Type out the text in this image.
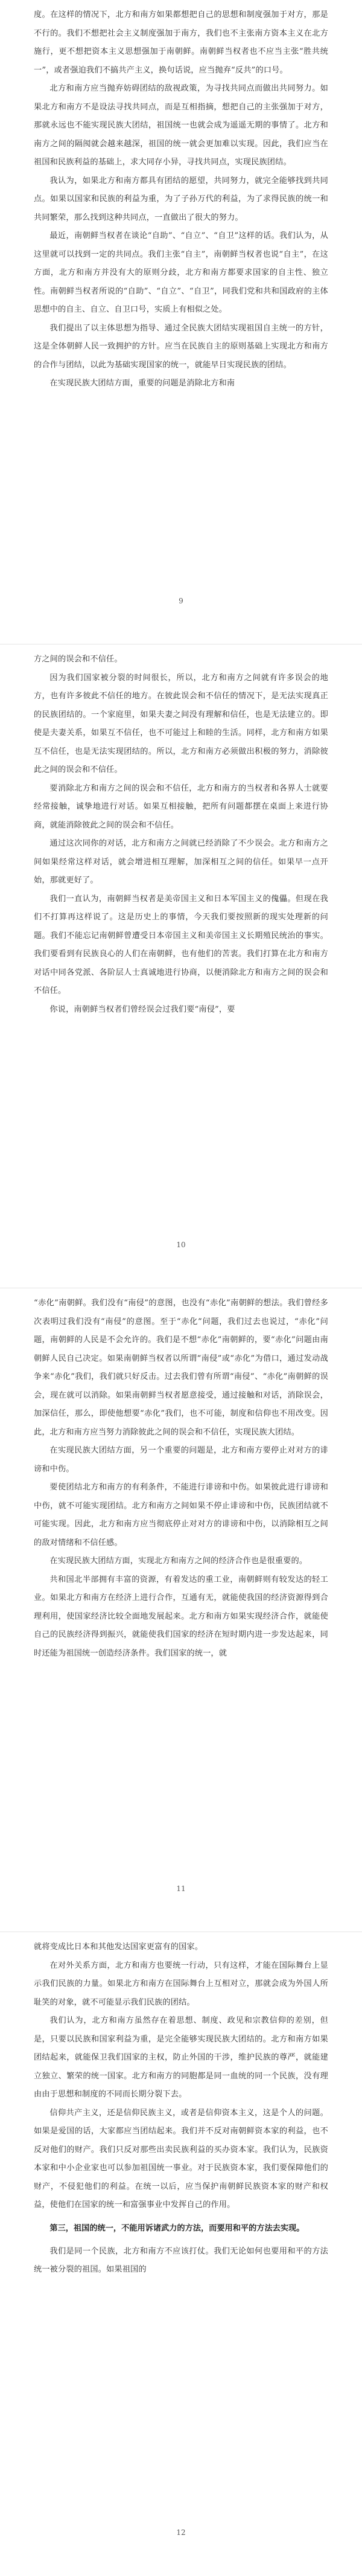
度。在这样的情况下，北方和南方如果都想把自己的思想和制度强加于对方，那是不行的。我们不想把社会主义制度强加于南方，我们也不主张南方资本主义在北方施行，更不想把资本主义思想强加于南朝鲜。南朝鲜当权者也不应当主张“胜共统一”，或者强迫我们不搞共产主义，换句话说，应当抛弃“反共”的口号。

北方和南方应当抛弃妨碍团结的敌视政策，为寻找共同点而做出共同努力。如果北方和南方不是设法寻找共同点，而是互相指摘，想把自己的主张强加于对方，那就永远也不能实现民族大团结，祖国统一也就会成为遥遥无期的事情了。北方和南方之间的隔阂就会越来越深，祖国的统一就会更加难以实现。因此，我们应当在祖国和民族利益的基础上，求大同存小异，寻找共同点，实现民族团结。

我认为，如果北方和南方都具有团结的愿望，共同努力，就完全能够找到共同点。如果以国家和民族的利益为重，为了子孙万代的利益，为了求得民族的统一和共同繁荣，那么找到这种共同点，一直做出了很大的努力。

最近，南朝鲜当权者在谈论“自助”、“自立”、“自卫”这样的话。我们认为，从这里就可以找到一定的共同点。我们主张“自主”，南朝鲜当权者也说“自主”，在这方面，北方和南方并没有大的原则分歧，北方和南方都要求国家的自主性、独立性。南朝鲜当权者所说的“自助”、“自立”、“自卫”，同我们党和共和国政府的主体思想中的自主、自立、自卫口号，实质上有相似之处。

我们提出了以主体思想为指导、通过全民族大团结实现祖国自主统一的方针，这是全体朝鲜人民一致拥护的方针。应当在民族自主的原则基础上实现北方和南方的合作与团结，以此为基础实现国家的统一，就能早日实现民族的团结。

在实现民族大团结方面，重要的问题是消除北方和南

9

方之间的误会和不信任。

因为我们国家被分裂的时间很长，所以，北方和南方之间就有许多误会的地方，也有许多彼此不信任的地方。在彼此误会和不信任的情况下，是无法实现真正的民族团结的。一个家庭里，如果夫妻之间没有理解和信任，也是无法建立的。即使是夫妻关系，如果互不信任，也不可能过上和睦的生活。同样，北方和南方如果互不信任，也是无法实现团结的。所以，北方和南方必须做出积极的努力，消除彼此之间的误会和不信任。

要消除北方和南方之间的误会和不信任，北方和南方的当权者和各界人士就要经常接触，诚挚地进行对话。如果互相接触，把所有问题都摆在桌面上来进行协商，就能消除彼此之间的误会和不信任。

通过这次同你的对话，北方和南方之间就已经消除了不少误会。北方和南方之间如果经常这样对话，就会增进相互理解，加深相互之间的信任。如果早一点开始，那就更好了。

我们一直认为，南朝鲜当权者是美帝国主义和日本军国主义的傀儡。但现在我们不打算再这样说了。这是历史上的事情，今天我们要按照新的现实处理新的问题。我们不能忘记南朝鲜曾遭受日本帝国主义和美帝国主义长期殖民统治的事实。我们要看到有民族良心的人们在南朝鲜，也有他们的苦衷。我们打算在北方和南方对话中同各党派、各阶层人士真诚地进行协商，以便消除北方和南方之间的误会和不信任。

你说，南朝鲜当权者们曾经误会过我们要“南侵”，要

10

“赤化”南朝鲜。我们没有“南侵”的意图，也没有“赤化”南朝鲜的想法。我们曾经多次表明过我们没有“南侵”的意图。至于“赤化”问题，我们过去也说过，“赤化”问题，南朝鲜的人民是不会允许的。我们是不想“赤化”南朝鲜的，要“赤化”问题由南朝鲜人民自己决定。如果南朝鲜当权者以所谓“南侵”或“赤化”为借口，通过发动战争来“赤化”我们，我们就只好反击。过去我们曾有所谓“南侵”、“赤化”南朝鲜的误会，现在就可以消除。如果南朝鲜当权者愿意接受，通过接触和对话，消除误会，加深信任，那么，即使他想要“赤化”我们，也不可能，制度和信仰也不用改变。因此，北方和南方应当努力消除彼此之间的误会和不信任，实现民族大团结。

在实现民族大团结方面，另一个重要的问题是，北方和南方要停止对对方的诽谤和中伤。

要使团结北方和南方的有利条件，不能进行诽谤和中伤。如果彼此进行诽谤和中伤，就不可能实现团结。北方和南方之间如果不停止诽谤和中伤，民族团结就不可能实现。因此，北方和南方应当彻底停止对对方的诽谤和中伤，以消除相互之间的敌对情绪和不信任感。

在实现民族大团结方面，实现北方和南方之间的经济合作也是很重要的。

共和国北半部拥有丰富的资源，有着发达的重工业，南朝鲜则有较发达的轻工业。如果北方和南方在经济上进行合作，互通有无，就能使我国的经济资源得到合理利用，使国家经济比较全面地发展起来。北方和南方如果实现经济合作，就能使自己的民族经济得到振兴，就能使我们国家的经济在短时期内进一步发达起来，同时还能为祖国统一创造经济条件。我们国家的统一，就

11

就将变成比日本和其他发达国家更富有的国家。

在对外关系方面，北方和南方也要统一行动，只有这样，才能在国际舞台上显示我们民族的力量。如果北方和南方在国际舞台上互相对立，那就会成为外国人所耻笑的对象，就不可能显示我们民族的团结。

我们认为，北方和南方虽然存在着思想、制度、政见和宗教信仰的差别，但是，只要以民族和国家利益为重，是完全能够实现民族大团结的。北方和南方如果团结起来，就能保卫我们国家的主权，防止外国的干涉，维护民族的尊严，就能建立独立、繁荣的统一国家。北方和南方的同胞都是同一血统的同一个民族，没有理由由于思想和制度的不同而长期分裂下去。

信仰共产主义，还是信仰民族主义，或者是信仰资本主义，这是个人的问题。如果是爱国的话，大家都应当团结起来。我们并不反对南朝鲜资本家的利益，也不反对他们的财产。我们只反对那些出卖民族利益的买办资本家。我们认为，民族资本家和中小企业家也可以参加祖国统一事业。对于民族资本家，我们要保障他们的财产，不侵犯他们的利益。在统一以后，应当保护南朝鲜民族资本家的财产和权益，使他们在国家的统一和富强事业中发挥自己的作用。

第三，祖国的统一，不能用诉诸武力的方法，而要用和平的方法去实现。

我们是同一个民族，北方和南方不应该打仗。我们无论如何也要用和平的方法统一被分裂的祖国。如果祖国的

12
